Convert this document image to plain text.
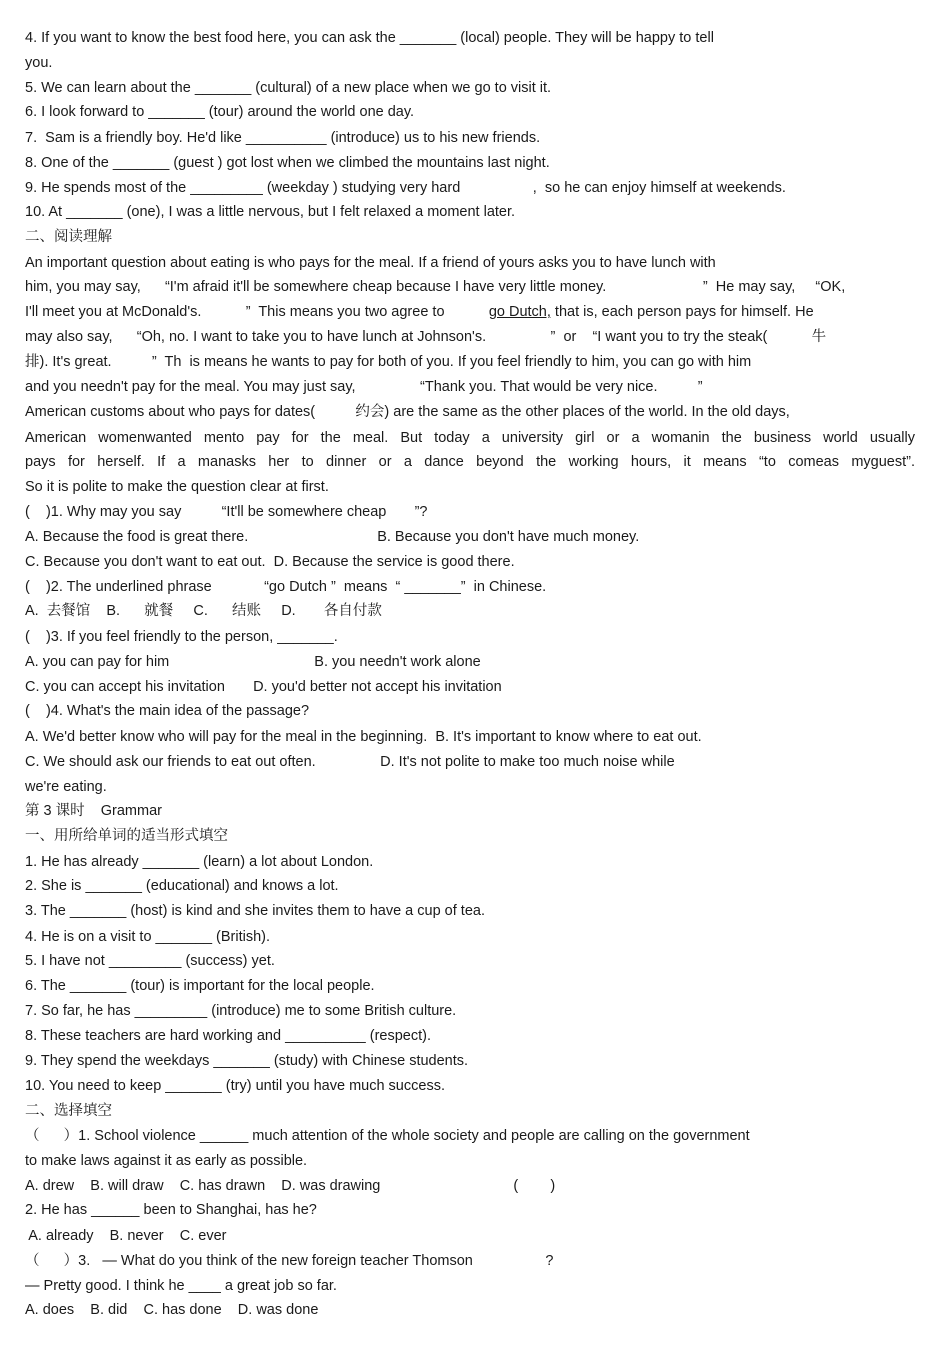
4. If you want to know the best food here, you can ask the _______ (local) people. They will be happy to tell
you.
5. We can learn about the _______ (cultural) of a new place when we go to visit it.
6. I look forward to _______ (tour) around the world one day.
7.  Sam is a friendly boy. He'd like __________ (introduce) us to his new friends.
8. One of the _______ (guest ) got lost when we climbed the mountains last night.
9. He spends most of the _________ (weekday ) studying very hard                  ,  so he can enjoy himself at weekends.
10. At _______ (one), I was a little nervous, but I felt relaxed a moment later.
二、阅读理解
An important question about eating is who pays for the meal. If a friend of yours asks you to have lunch with
him, you may say,      “I'm afraid it'll be somewhere cheap because I have very little money.                        ”  He may say,     “OK,
I'll meet you at McDonald's.           ”  This means you two agree to           go Dutch, that is, each person pays for himself. He
may also say,      “Oh, no. I want to take you to have lunch at Johnson's.                ”  or    “I want you to try the steak(           牛
排). It's great.          ”  Th  is means he wants to pay for both of you. If you feel friendly to him, you can go with him
and you needn't pay for the meal. You may just say,                “Thank you. That would be very nice.          ”
American customs about who pays for dates(          约会) are the same as the other places of the world. In the old days,
American womenwanted mento pay for the meal. But today a university girl or a womanin the business world usually
pays for herself. If a manasks her to dinner or a dance beyond the working hours, it means “to comeas myguest”.
So it is polite to make the question clear at first.
(    )1. Why may you say          “It'll be somewhere cheap       ”?
A. Because the food is great there.                                B. Because you don't have much money.
C. Because you don't want to eat out.  D. Because the service is good there.
(    )2. The underlined phrase             “go Dutch ”  means  “ _______”  in Chinese.
A.  去餐馆    B.      就餐     C.      结账     D.       各自付款
(    )3. If you feel friendly to the person, _______.
A. you can pay for him                                    B. you needn't work alone
C. you can accept his invitation       D. you'd better not accept his invitation
(    )4. What's the main idea of the passage?
A. We'd better know who will pay for the meal in the beginning.  B. It's important to know where to eat out.
C. We should ask our friends to eat out often.                D. It's not polite to make too much noise while
we're eating.
第 3 课时    Grammar
一、用所给单词的适当形式填空
1. He has already _______ (learn) a lot about London.
2. She is _______ (educational) and knows a lot.
3. The _______ (host) is kind and she invites them to have a cup of tea.
4. He is on a visit to _______ (British).
5. I have not _________ (success) yet.
6. The _______ (tour) is important for the local people.
7. So far, he has _________ (introduce) me to some British culture.
8. These teachers are hard working and __________ (respect).
9. They spend the weekdays _______ (study) with Chinese students.
10. You need to keep _______ (try) until you have much success.
二、选择填空
（      ）1. School violence ______ much attention of the whole society and people are calling on the government
to make laws against it as early as possible.
A. drew    B. will draw    C. has drawn    D. was drawing                                 (        )
2. He has ______ been to Shanghai, has he?
A. already    B. never    C. ever
（      ）3.   — What do you think of the new foreign teacher Thomson                  ?
— Pretty good. I think he ____ a great job so far.
A. does    B. did    C. has done    D. was done
